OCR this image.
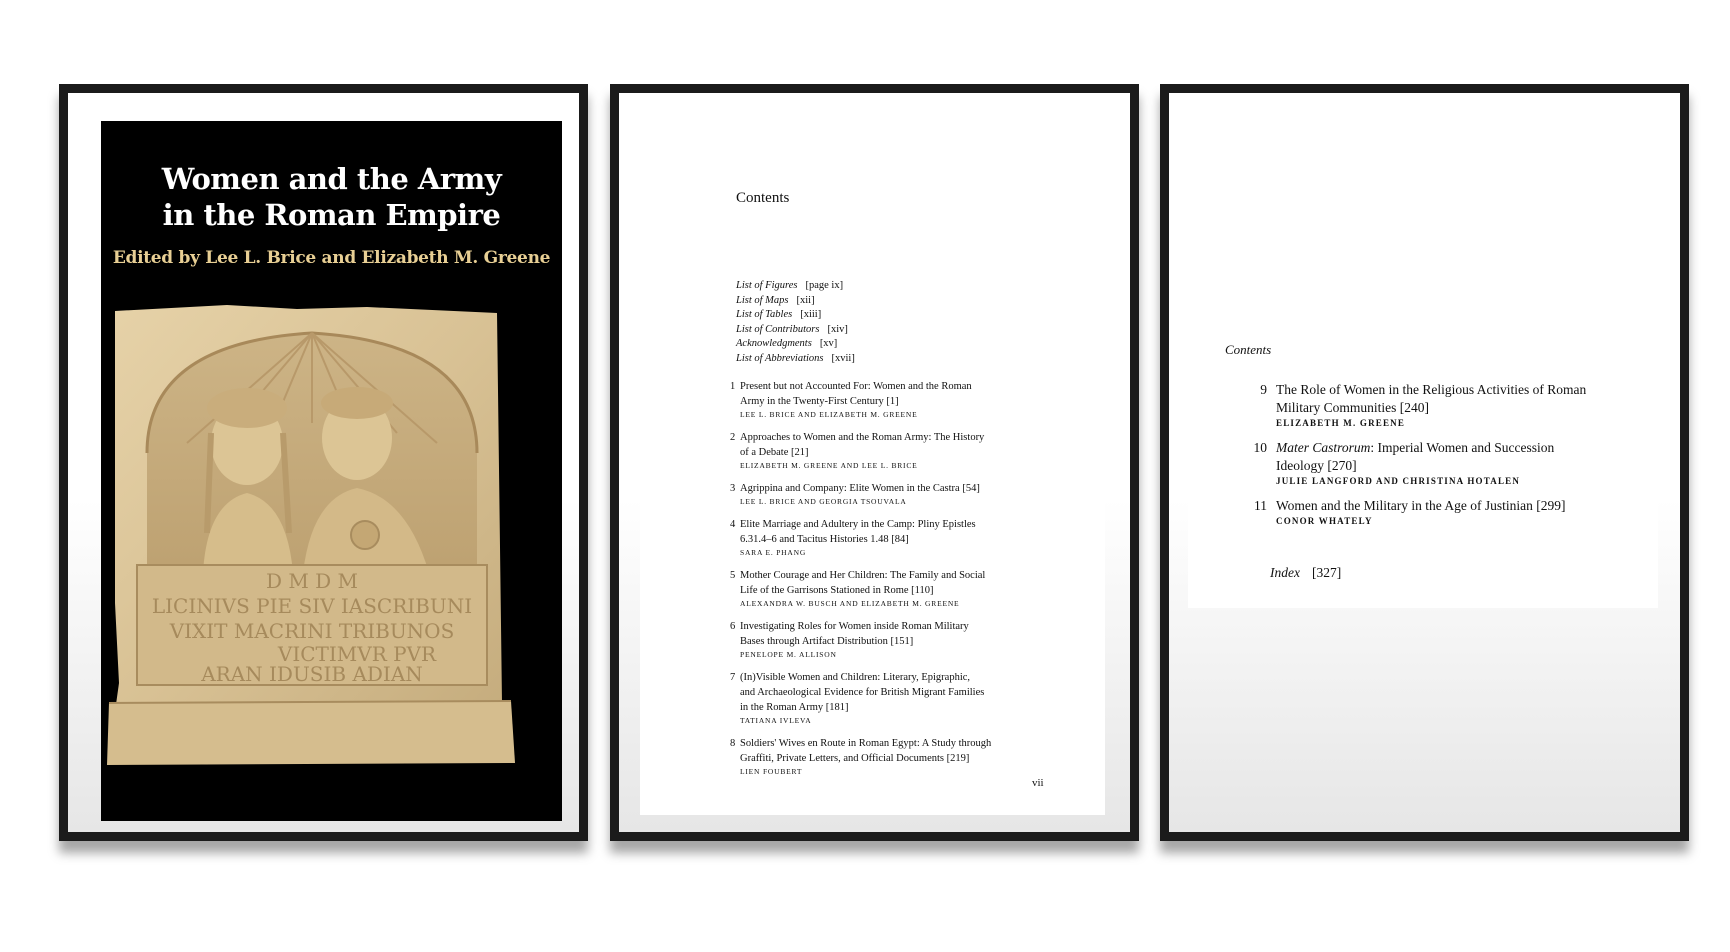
Women and the Army
in the Roman Empire
Edited by Lee L. Brice and Elizabeth M. Greene
D M D M
LICINIVS PIE SIV IASCRIBUNI
VIXIT MACRINI TRIBUNOS
VICTIMVR PVR
ARAN IDUSIB ADIAN
Contents
List of Figures [page ix]
List of Maps [xii]
List of Tables [xiii]
List of Contributors [xiv]
Acknowledgments [xv]
List of Abbreviations [xvii]
1 Present but not Accounted For: Women and the Roman
Army in the Twenty-First Century [1]
LEE L. BRICE AND ELIZABETH M. GREENE
2 Approaches to Women and the Roman Army: The History
of a Debate [21]
ELIZABETH M. GREENE AND LEE L. BRICE
3 Agrippina and Company: Elite Women in the Castra [54]
LEE L. BRICE AND GEORGIA TSOUVALA
4 Elite Marriage and Adultery in the Camp: Pliny Epistles
6.31.4–6 and Tacitus Histories 1.48 [84]
SARA E. PHANG
5 Mother Courage and Her Children: The Family and Social
Life of the Garrisons Stationed in Rome [110]
ALEXANDRA W. BUSCH AND ELIZABETH M. GREENE
6 Investigating Roles for Women inside Roman Military
Bases through Artifact Distribution [151]
PENELOPE M. ALLISON
7 (In)Visible Women and Children: Literary, Epigraphic,
and Archaeological Evidence for British Migrant Families
in the Roman Army [181]
TATIANA IVLEVA
8 Soldiers' Wives en Route in Roman Egypt: A Study through
Graffiti, Private Letters, and Official Documents [219]
LIEN FOUBERT
vii
Contents
9 The Role of Women in the Religious Activities of Roman
Military Communities [240]
ELIZABETH M. GREENE
10 Mater Castrorum: Imperial Women and Succession
Ideology [270]
JULIE LANGFORD AND CHRISTINA HOTALEN
11 Women and the Military in the Age of Justinian [299]
CONOR WHATELY
Index [327]
